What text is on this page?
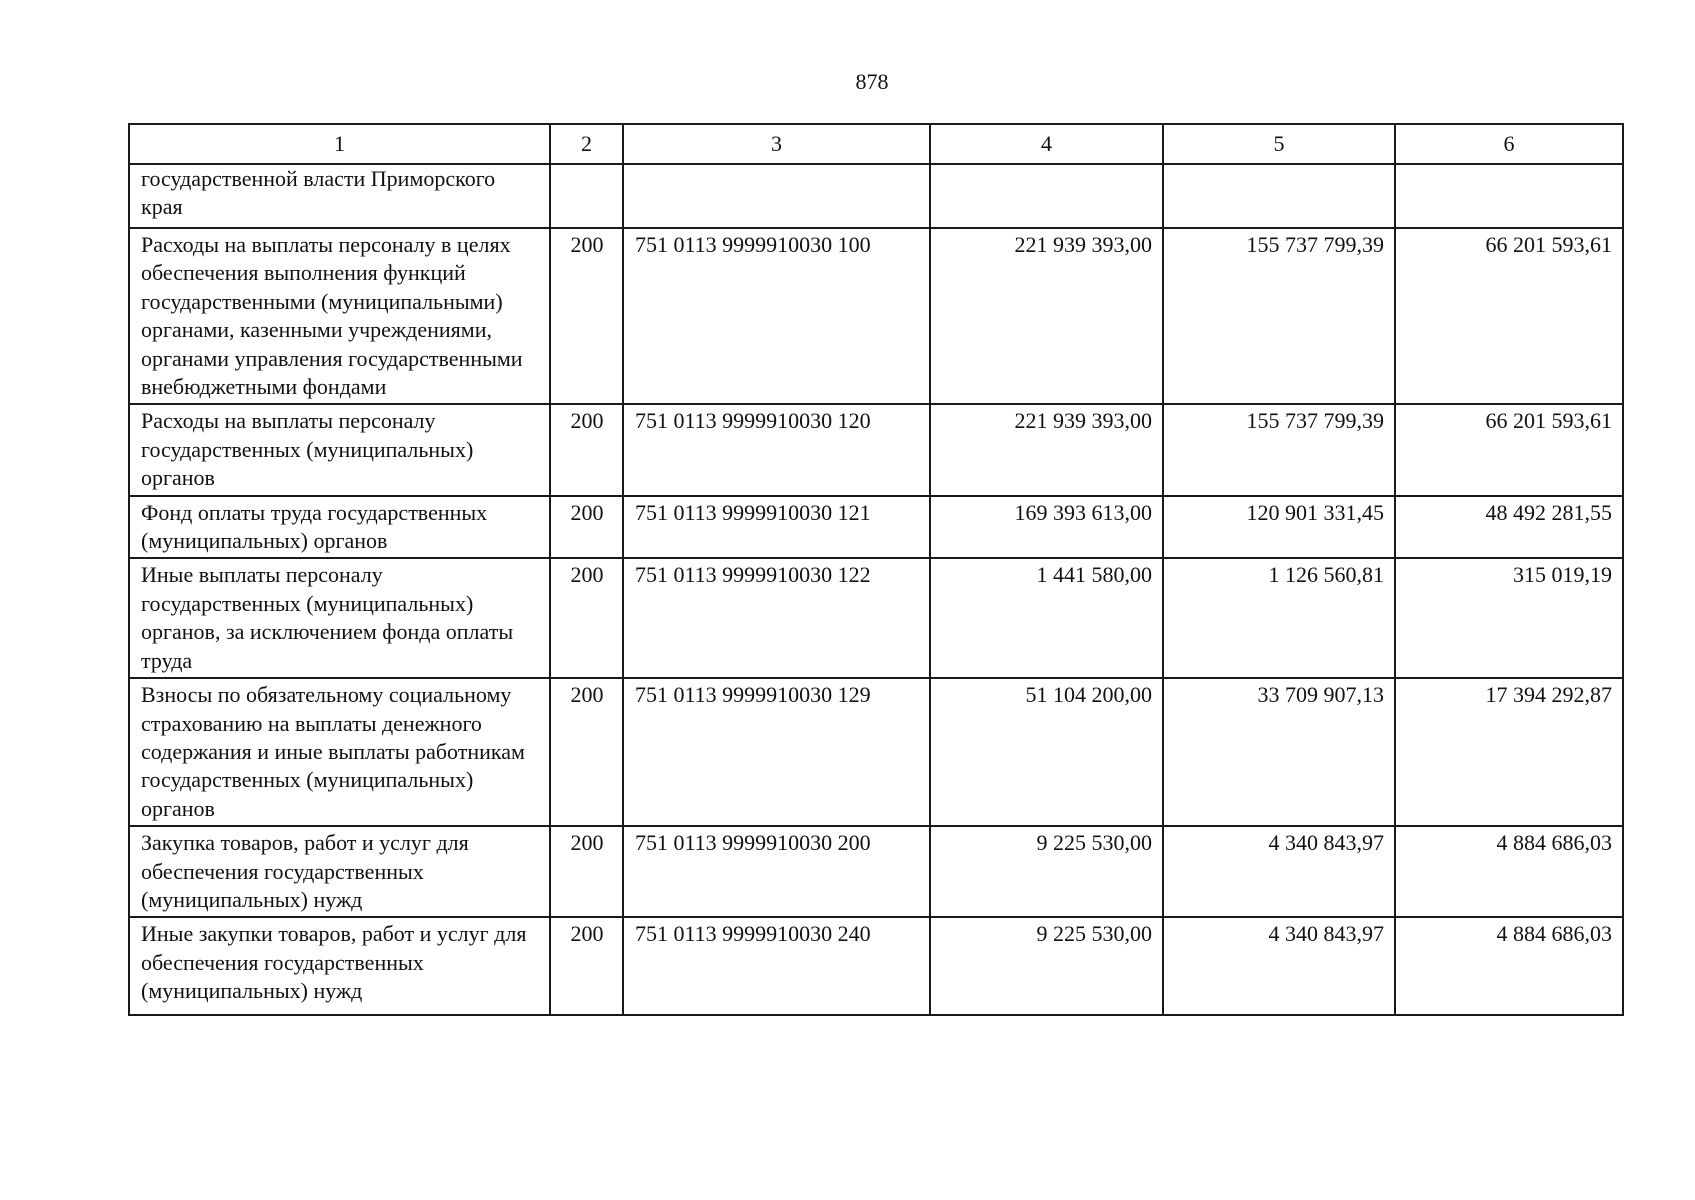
878
1	2	3	4	5	6
государственной власти Приморского края					
Расходы на выплаты персоналу в целях обеспечения выполнения функций государственными (муниципальными) органами, казенными учреждениями, органами управления государственными внебюджетными фондами	200	751 0113 9999910030 100	221 939 393,00	155 737 799,39	66 201 593,61
Расходы на выплаты персоналу государственных (муниципальных) органов	200	751 0113 9999910030 120	221 939 393,00	155 737 799,39	66 201 593,61
Фонд оплаты труда государственных (муниципальных) органов	200	751 0113 9999910030 121	169 393 613,00	120 901 331,45	48 492 281,55
Иные выплаты персоналу государственных (муниципальных) органов, за исключением фонда оплаты труда	200	751 0113 9999910030 122	1 441 580,00	1 126 560,81	315 019,19
Взносы по обязательному социальному страхованию на выплаты денежного содержания и иные выплаты работникам государственных (муниципальных) органов	200	751 0113 9999910030 129	51 104 200,00	33 709 907,13	17 394 292,87
Закупка товаров, работ и услуг для обеспечения государственных (муниципальных) нужд	200	751 0113 9999910030 200	9 225 530,00	4 340 843,97	4 884 686,03
Иные закупки товаров, работ и услуг для обеспечения государственных (муниципальных) нужд	200	751 0113 9999910030 240	9 225 530,00	4 340 843,97	4 884 686,03
